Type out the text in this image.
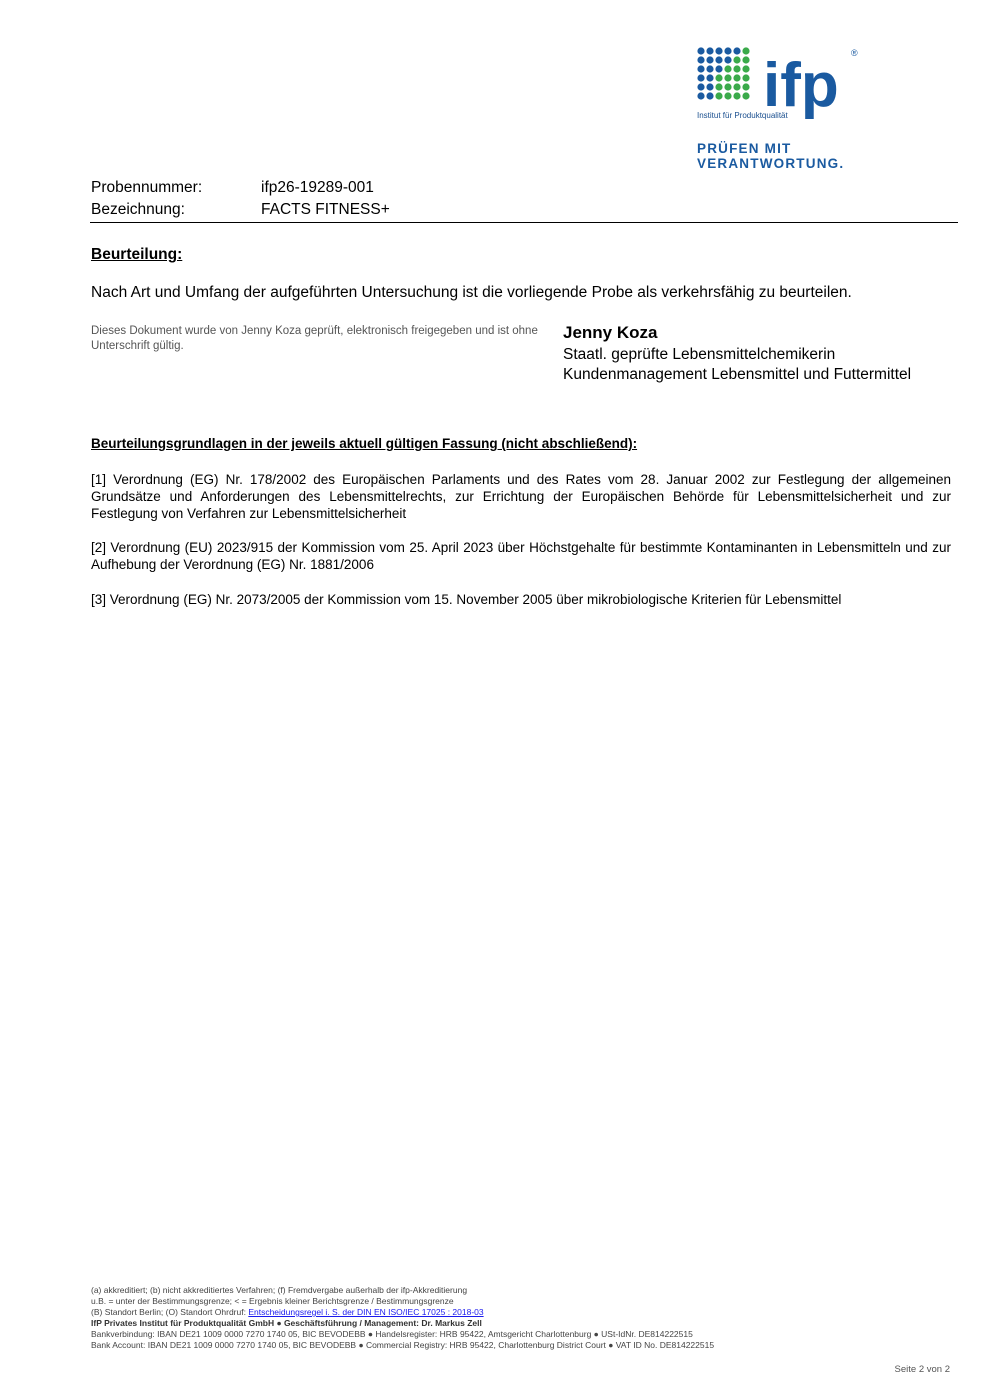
ifp ®
Institut für Produktqualität
PRÜFEN MIT
VERANTWORTUNG.
Probennummer:	ifp26-19289-001
Bezeichnung:	FACTS FITNESS+
Beurteilung:
Nach Art und Umfang der aufgeführten Untersuchung ist die vorliegende Probe als verkehrsfähig zu beurteilen.
Dieses Dokument wurde von Jenny Koza geprüft, elektronisch freigegeben und ist ohne Unterschrift gültig.
Jenny Koza
Staatl. geprüfte Lebensmittelchemikerin
Kundenmanagement Lebensmittel und Futtermittel
Beurteilungsgrundlagen in der jeweils aktuell gültigen Fassung (nicht abschließend):
[1] Verordnung (EG) Nr. 178/2002 des Europäischen Parlaments und des Rates vom 28. Januar 2002 zur Festlegung der allgemeinen Grundsätze und Anforderungen des Lebensmittelrechts, zur Errichtung der Europäischen Behörde für Lebensmittelsicherheit und zur Festlegung von Verfahren zur Lebensmittelsicherheit
[2] Verordnung (EU) 2023/915 der Kommission vom 25. April 2023 über Höchstgehalte für bestimmte Kontaminanten in Lebensmitteln und zur Aufhebung der Verordnung (EG) Nr. 1881/2006
[3] Verordnung (EG) Nr. 2073/2005 der Kommission vom 15. November 2005 über mikrobiologische Kriterien für Lebensmittel
(a) akkreditiert; (b) nicht akkreditiertes Verfahren; (f) Fremdvergabe außerhalb der ifp-Akkreditierung
u.B. = unter der Bestimmungsgrenze; < = Ergebnis kleiner Berichtsgrenze / Bestimmungsgrenze
(B) Standort Berlin; (O) Standort Ohrdruf: Entscheidungsregel i. S. der DIN EN ISO/IEC 17025 : 2018-03
IfP Privates Institut für Produktqualität GmbH ● Geschäftsführung / Management: Dr. Markus Zell
Bankverbindung: IBAN DE21 1009 0000 7270 1740 05, BIC BEVODEBB ● Handelsregister: HRB 95422, Amtsgericht Charlottenburg ● USt-IdNr. DE814222515
Bank Account: IBAN DE21 1009 0000 7270 1740 05, BIC BEVODEBB ● Commercial Registry: HRB 95422, Charlottenburg District Court ● VAT ID No. DE814222515
Seite 2 von 2
